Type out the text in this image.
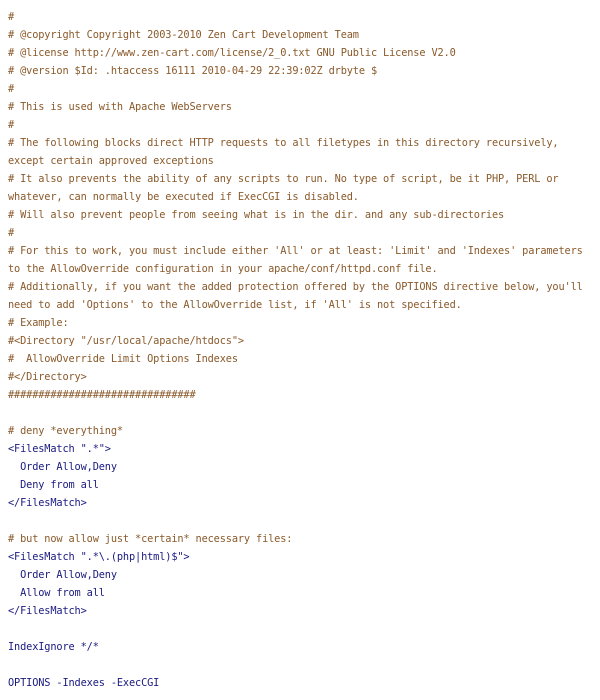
#
# @copyright Copyright 2003-2010 Zen Cart Development Team
# @license http://www.zen-cart.com/license/2_0.txt GNU Public License V2.0
# @version $Id: .htaccess 16111 2010-04-29 22:39:02Z drbyte $
#
# This is used with Apache WebServers
#
# The following blocks direct HTTP requests to all filetypes in this directory recursively,
except certain approved exceptions
# It also prevents the ability of any scripts to run. No type of script, be it PHP, PERL or
whatever, can normally be executed if ExecCGI is disabled.
# Will also prevent people from seeing what is in the dir. and any sub-directories
#
# For this to work, you must include either 'All' or at least: 'Limit' and 'Indexes' parameters
to the AllowOverride configuration in your apache/conf/httpd.conf file.
# Additionally, if you want the added protection offered by the OPTIONS directive below, you'll
need to add 'Options' to the AllowOverride list, if 'All' is not specified.
# Example:
#<Directory "/usr/local/apache/htdocs">
#  AllowOverride Limit Options Indexes
#</Directory>
###############################
# deny *everything*
<FilesMatch ".*">
Order Allow,Deny
Deny from all
</FilesMatch>
# but now allow just *certain* necessary files:
<FilesMatch ".*\.(php|html)$">
Order Allow,Deny
Allow from all
</FilesMatch>
IndexIgnore */*
OPTIONS -Indexes -ExecCGI
